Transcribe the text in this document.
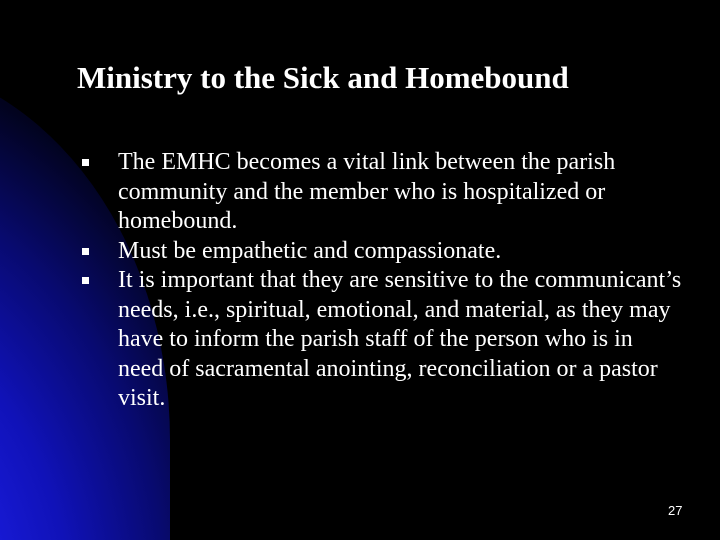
Ministry to the Sick and Homebound
The EMHC becomes a vital link between the parish community and the member who is hospitalized or homebound.
Must be empathetic and compassionate.
It is important that they are sensitive to the communicant’s needs, i.e., spiritual, emotional, and material, as they may have to inform the parish staff of the person who is in need of sacramental anointing, reconciliation or a pastor visit.
27
